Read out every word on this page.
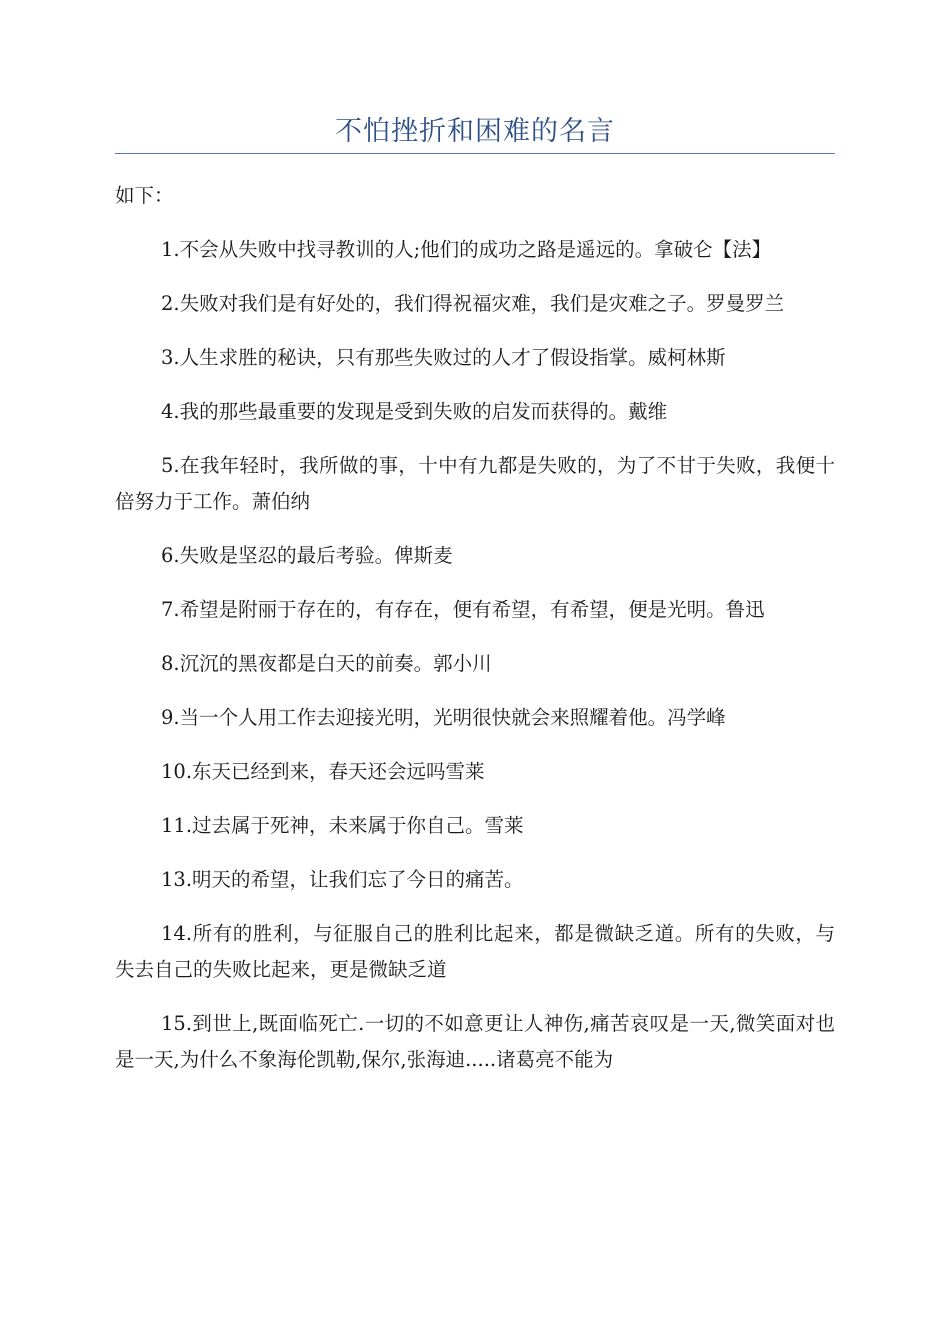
不怕挫折和困难的名言

如下：

1.不会从失败中找寻教训的人;他们的成功之路是遥远的。拿破仑【法】

2.失败对我们是有好处的，我们得祝福灾难，我们是灾难之子。罗曼罗兰

3.人生求胜的秘诀，只有那些失败过的人才了假设指掌。威柯林斯

4.我的那些最重要的发现是受到失败的启发而获得的。戴维

5.在我年轻时，我所做的事，十中有九都是失败的，为了不甘于失败，我便十倍努力于工作。萧伯纳

6.失败是坚忍的最后考验。俾斯麦

7.希望是附丽于存在的，有存在，便有希望，有希望，便是光明。鲁迅

8.沉沉的黑夜都是白天的前奏。郭小川

9.当一个人用工作去迎接光明，光明很快就会来照耀着他。冯学峰

10.东天已经到来，春天还会远吗雪莱

11.过去属于死神，未来属于你自己。雪莱

13.明天的希望，让我们忘了今日的痛苦。

14.所有的胜利，与征服自己的胜利比起来，都是微缺乏道。所有的失败，与失去自己的失败比起来，更是微缺乏道

15.到世上,既面临死亡.一切的不如意更让人神伤,痛苦哀叹是一天,微笑面对也是一天,为什么不象海伦凯勒,保尔,张海迪.....诸葛亮不能为
